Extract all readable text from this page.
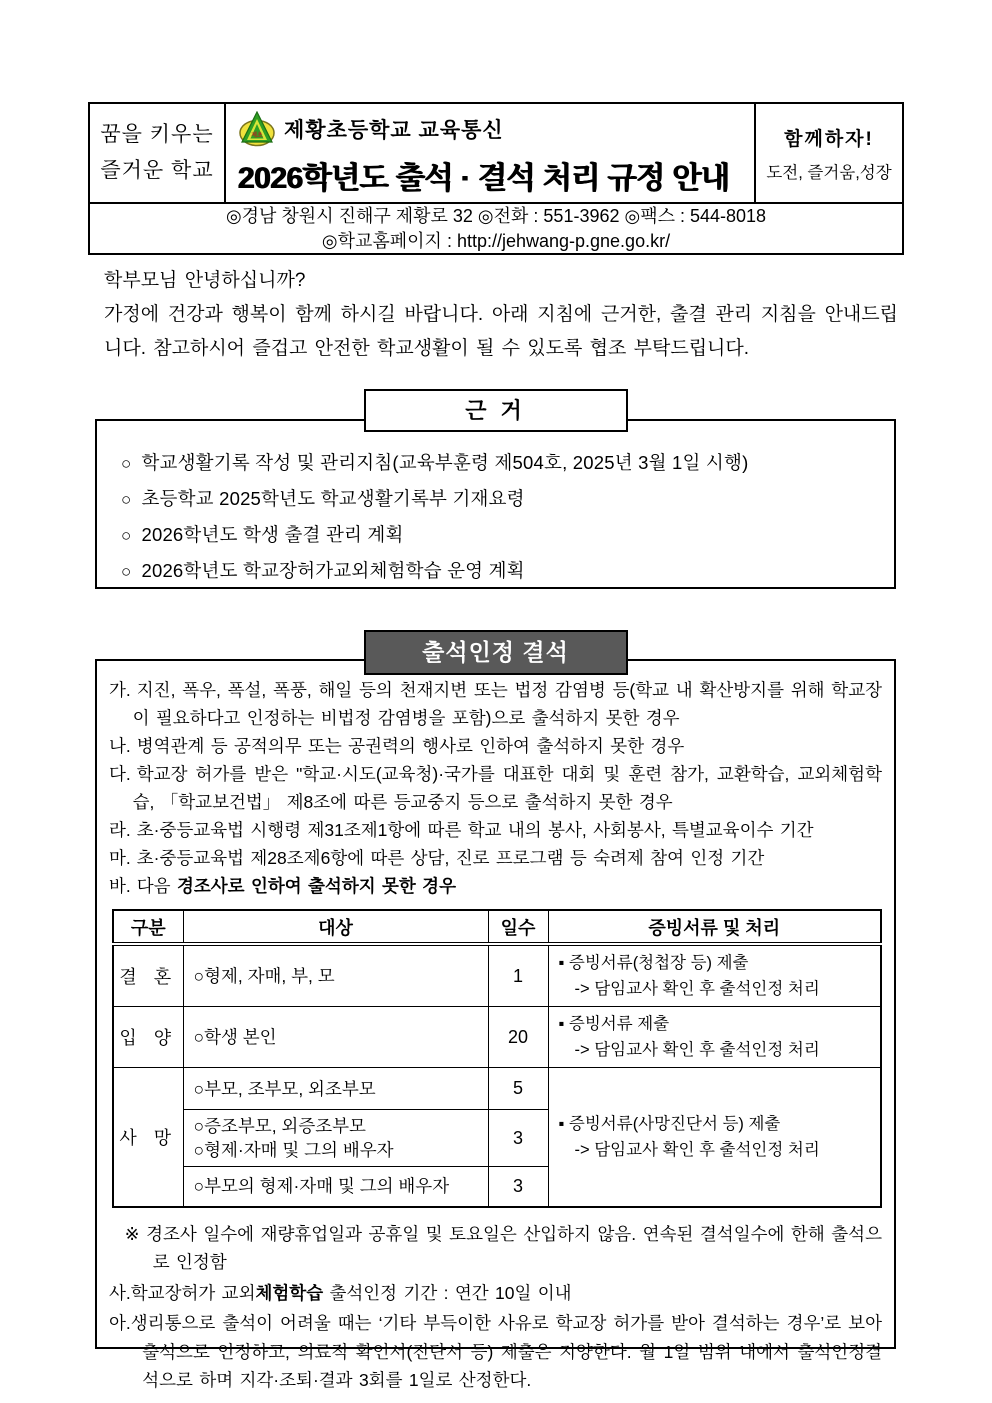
꿈을 키우는
즐거운 학교
제초 제황초등학교 교육통신
2026학년도 출석 · 결석 처리 규정 안내
함께하자!
도전, 즐거움,성장
◎경남 창원시 진해구 제황로 32 ◎전화 : 551-3962 ◎팩스 : 544-8018
◎학교홈페이지 : http://jehwang-p.gne.go.kr/
학부모님 안녕하십니까?
가정에 건강과 행복이 함께 하시길 바랍니다. 아래 지침에 근거한, 출결 관리 지침을 안내드립니다. 참고하시어 즐겁고 안전한 학교생활이 될 수 있도록 협조 부탁드립니다.
근 거
○ 학교생활기록 작성 및 관리지침(교육부훈령 제504호, 2025년 3월 1일 시행)
○ 초등학교 2025학년도 학교생활기록부 기재요령
○ 2026학년도 학생 출결 관리 계획
○ 2026학년도 학교장허가교외체험학습 운영 계획
출석인정 결석

가. 지진, 폭우, 폭설, 폭풍, 해일 등의 천재지변 또는 법정 감염병 등(학교 내 확산방지를 위해 학교장이 필요하다고 인정하는 비법정 감염병을 포함)으로 출석하지 못한 경우

나. 병역관계 등 공적의무 또는 공권력의 행사로 인하여 출석하지 못한 경우

다. 학교장 허가를 받은 "학교·시도(교육청)·국가를 대표한 대회 및 훈련 참가, 교환학습, 교외체험학습, 「학교보건법」 제8조에 따른 등교중지 등으로 출석하지 못한 경우

라. 초·중등교육법 시행령 제31조제1항에 따른 학교 내의 봉사, 사회봉사, 특별교육이수 기간

마. 초·중등교육법 제28조제6항에 따른 상담, 진로 프로그램 등 숙려제 참여 인정 기간

바. 다음 경조사로 인하여 출석하지 못한 경우

구분	대상	일수	증빙서류 및 처리
결 혼	○형제, 자매, 부, 모	1	▪ 증빙서류(청첩장 등) 제출
-> 담임교사 확인 후 출석인정 처리

입 양	○학생 본인	20	▪ 증빙서류 제출
-> 담임교사 확인 후 출석인정 처리

사 망	○부모, 조부모, 외조부모	5	▪ 증빙서류(사망진단서 등) 제출
-> 담임교사 확인 후 출석인정 처리

	○증조부모, 외증조부모
○형제·자매 및 그의 배우자	3	
	○부모의 형제·자매 및 그의 배우자	3	

※ 경조사 일수에 재량휴업일과 공휴일 및 토요일은 산입하지 않음. 연속된 결석일수에 한해 출석으로 인정함

사.학교장허가 교외체험학습 출석인정 기간 : 연간 10일 이내

아.생리통으로 출석이 어려울 때는 ‘기타 부득이한 사유로 학교장 허가를 받아 결석하는 경우’로 보아 출석으로 인정하고, 의료적 확인서(진단서 등) 제출은 지양한다. 월 1일 범위 내에서 출석인정결석으로 하며 지각·조퇴·결과 3회를 1일로 산정한다.
